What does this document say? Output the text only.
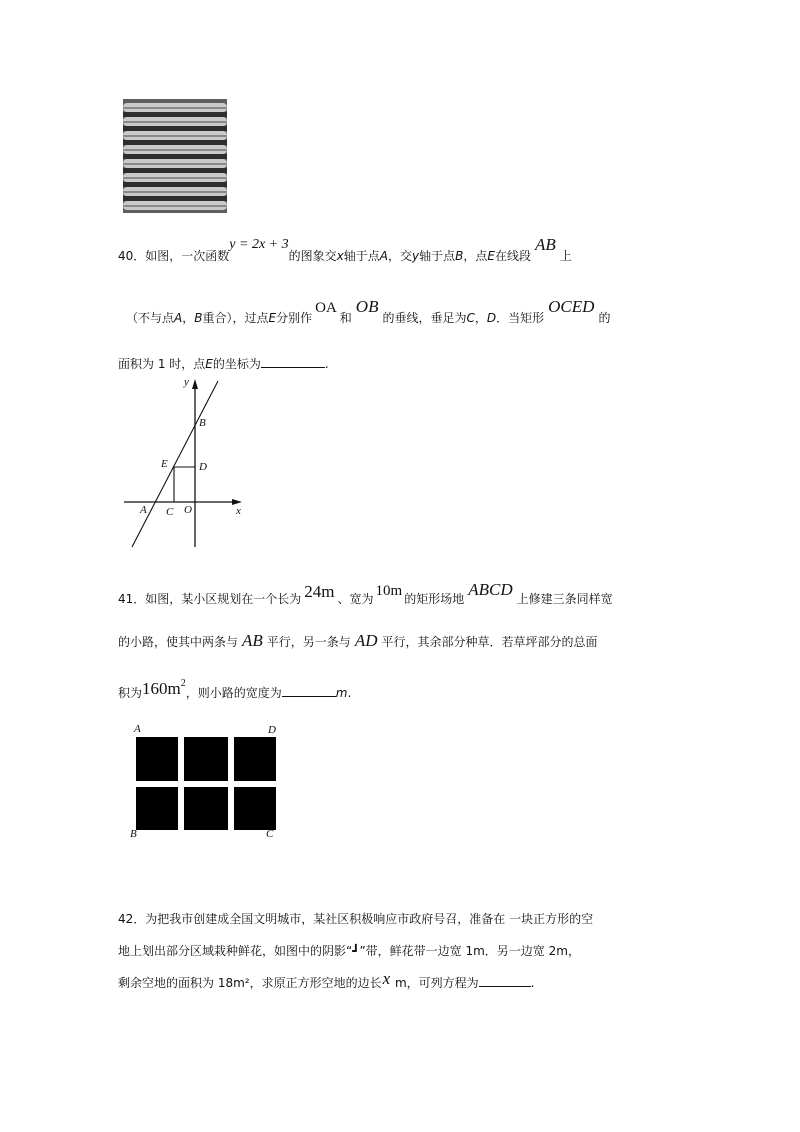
40．如图，一次函数y = 2x + 3的图象交x轴于点A，交y轴于点B，点E在线段AB上
（不与点A，B重合），过点E分别作OA和OB的垂线，垂足为C，D．当矩形OCED的
面积为 1 时，点E的坐标为	.
y
B
E	D
x
A C O
41．如图，某小区规划在一个长为 24m 、宽为 10m 的矩形场地 ABCD 上修建三条同样宽
的小路，使其中两条与 AB 平行，另一条与 AD 平行，其余部分种草．若草坪部分的总面
积为$160m^2$，则小路的宽度为	m.
A	D
B	C
42．为把我市创建成全国文明城市，某社区积极响应市政府号召，准备在 一块正方形的空
地上划出部分区域栽种鲜花，如图中的阴影“┛”带，鲜花带一边宽 1m．另一边宽 2m，
剩余空地的面积为 18m²，求原正方形空地的边长x m，可列方程为	.
